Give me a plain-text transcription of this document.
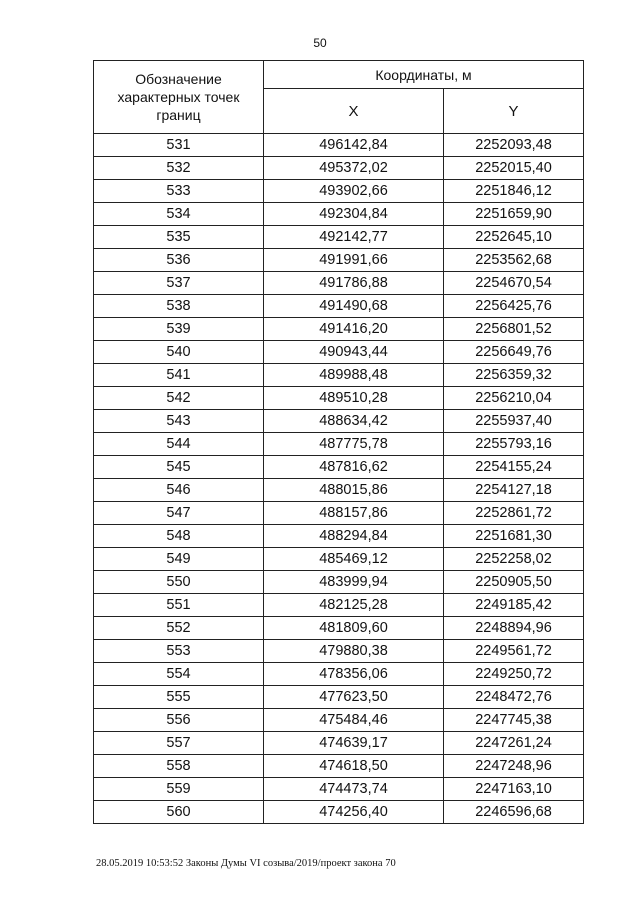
50
Обозначение характерных точек границ	Координаты, м	
	X	Y
531	496142,84	2252093,48
532	495372,02	2252015,40
533	493902,66	2251846,12
534	492304,84	2251659,90
535	492142,77	2252645,10
536	491991,66	2253562,68
537	491786,88	2254670,54
538	491490,68	2256425,76
539	491416,20	2256801,52
540	490943,44	2256649,76
541	489988,48	2256359,32
542	489510,28	2256210,04
543	488634,42	2255937,40
544	487775,78	2255793,16
545	487816,62	2254155,24
546	488015,86	2254127,18
547	488157,86	2252861,72
548	488294,84	2251681,30
549	485469,12	2252258,02
550	483999,94	2250905,50
551	482125,28	2249185,42
552	481809,60	2248894,96
553	479880,38	2249561,72
554	478356,06	2249250,72
555	477623,50	2248472,76
556	475484,46	2247745,38
557	474639,17	2247261,24
558	474618,50	2247248,96
559	474473,74	2247163,10
560	474256,40	2246596,68
28.05.2019 10:53:52 Законы Думы VI созыва/2019/проект закона 70
